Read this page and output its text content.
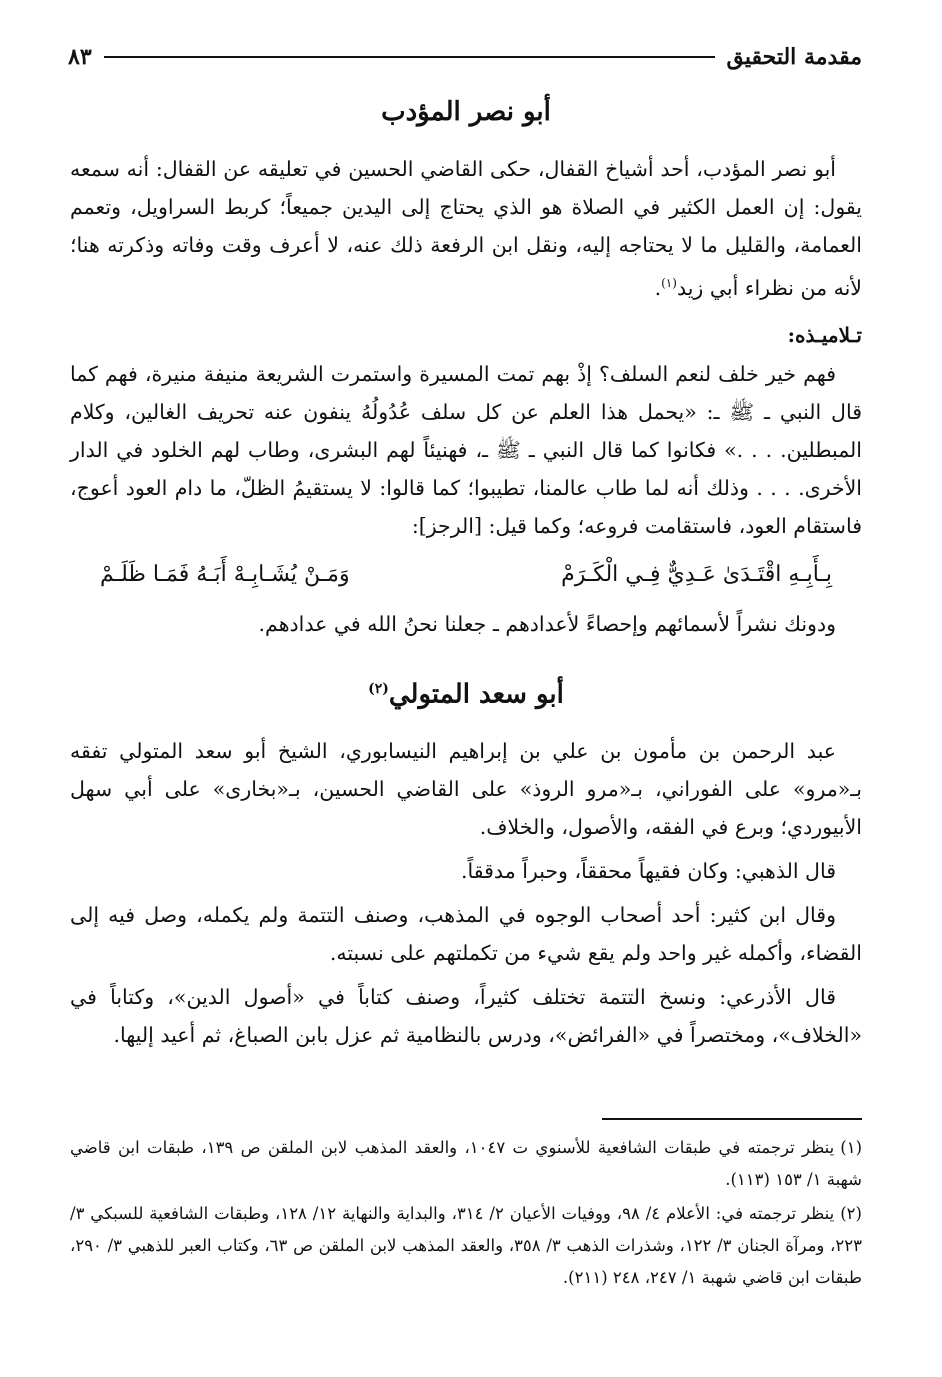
مقدمة التحقيق
٨٣
أبو نصر المؤدب

أبو نصر المؤدب، أحد أشياخ القفال، حكى القاضي الحسين في تعليقه عن القفال: أنه سمعه يقول: إن العمل الكثير في الصلاة هو الذي يحتاج إلى اليدين جميعاً؛ كربط السراويل، وتعمم العمامة، والقليل ما لا يحتاجه إليه، ونقل ابن الرفعة ذلك عنه، لا أعرف وقت وفاته وذكرته هنا؛ لأنه من نظراء أبي زيد$^{(١)}$.

تـلاميـذه:

فهم خير خلف لنعم السلف؟ إذْ بهم تمت المسيرة واستمرت الشريعة منيفة منيرة، فهم كما قال النبي ـ ﷺ ـ: «يحمل هذا العلم عن كل سلف عُدُولُهُ ينفون عنه تحريف الغالين، وكلام المبطلين. . . .» فكانوا كما قال النبي ـ ﷺ ـ، فهنيئاً لهم البشرى، وطاب لهم الخلود في الدار الأخرى. . . . وذلك أنه لما طاب عالمنا، تطيبوا؛ كما قالوا: لا يستقيمُ الظلّ، ما دام العود أعوج، فاستقام العود، فاستقامت فروعه؛ وكما قيل: [الرجز]:

بِـأَبِـهِ اقْتَـدَىٰ عَـدِيٌّ فِـي الْكَـرَمْ
وَمَـنْ يُشَـابِـهْ أَبَـهُ فَمَـا ظَلَـمْ

ودونك نشراً لأسمائهم وإحصاءً لأعدادهم ـ جعلنا نحنُ الله في عدادهم.

أبو سعد المتولي$^{(٢)}$

عبد الرحمن بن مأمون بن علي بن إبراهيم النيسابوري، الشيخ أبو سعد المتولي تفقه بـ«مرو» على الفوراني، بـ«مرو الروذ» على القاضي الحسين، بـ«بخارى» على أبي سهل الأبيوردي؛ وبرع في الفقه، والأصول، والخلاف.

قال الذهبي: وكان فقيهاً محققاً، وحبراً مدققاً.

وقال ابن كثير: أحد أصحاب الوجوه في المذهب، وصنف التتمة ولم يكمله، وصل فيه إلى القضاء، وأكمله غير واحد ولم يقع شيء من تكملتهم على نسبته.

قال الأذرعي: ونسخ التتمة تختلف كثيراً، وصنف كتاباً في «أصول الدين»، وكتاباً في «الخلاف»، ومختصراً في «الفرائض»، ودرس بالنظامية ثم عزل بابن الصباغ، ثم أعيد إليها.

(١)ينظر ترجمته في طبقات الشافعية للأسنوي ت ١٠٤٧، والعقد المذهب لابن الملقن ص ١٣٩، طبقات ابن قاضي شهبة ١/ ١٥٣ (١١٣).
(٢)ينظر ترجمته في: الأعلام ٤/ ٩٨، ووفيات الأعيان ٢/ ٣١٤، والبداية والنهاية ١٢/ ١٢٨، وطبقات الشافعية للسبكي ٣/ ٢٢٣، ومرآة الجنان ٣/ ١٢٢، وشذرات الذهب ٣/ ٣٥٨، والعقد المذهب لابن الملقن ص ٦٣، وكتاب العبر للذهبي ٣/ ٢٩٠، طبقات ابن قاضي شهبة ١/ ٢٤٧، ٢٤٨ (٢١١).
